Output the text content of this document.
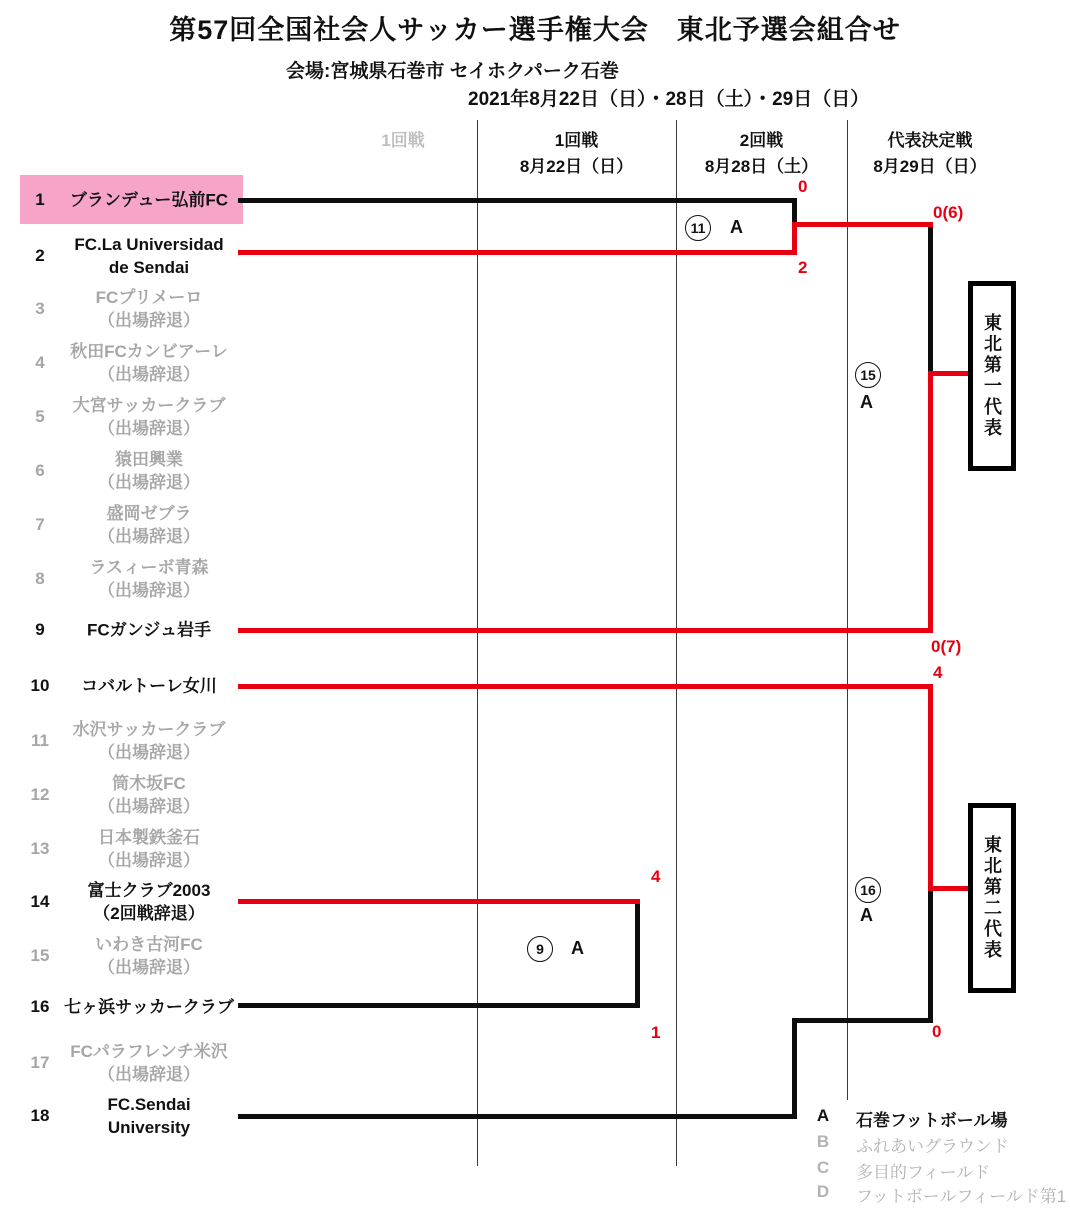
第57回全国社会人サッカー選手権大会　東北予選会組合せ
会場:宮城県石巻市 セイホクパーク石巻
2021年8月22日（日）・28日（土）・29日（日）
1回戦	1回戦
8月22日（日）
2回戦
8月28日（土）
代表決定戦
8月29日（日）
1	ブランデュー弘前FC
2
FC.La Universidad
de Sendai
3
FCプリメーロ
（出場辞退）
4
秋田FCカンビアーレ
（出場辞退）
5
大宮サッカークラブ
（出場辞退）
6
猿田興業
（出場辞退）
7
盛岡ゼブラ
（出場辞退）
8
ラスィーボ青森
（出場辞退）
9	FCガンジュ岩手
10	コバルトーレ女川
11
水沢サッカークラブ
（出場辞退）
12
筒木坂FC
（出場辞退）
13
日本製鉄釜石
（出場辞退）
14
富士クラブ2003
（2回戦辞退）
15
いわき古河FC
（出場辞退）
16 七ヶ浜サッカークラブ
17
FCパラフレンチ米沢
（出場辞退）
18
FC.Sendai
University
11	A
9	A
15
A
16
A
0
2
0(6)
0(7)
4
4
1	0
東北第一代表
東北第二代表
A 石巻フットボール場
B ふれあいグラウンド
C 多目的フィールド
D フットボールフィールド第1
